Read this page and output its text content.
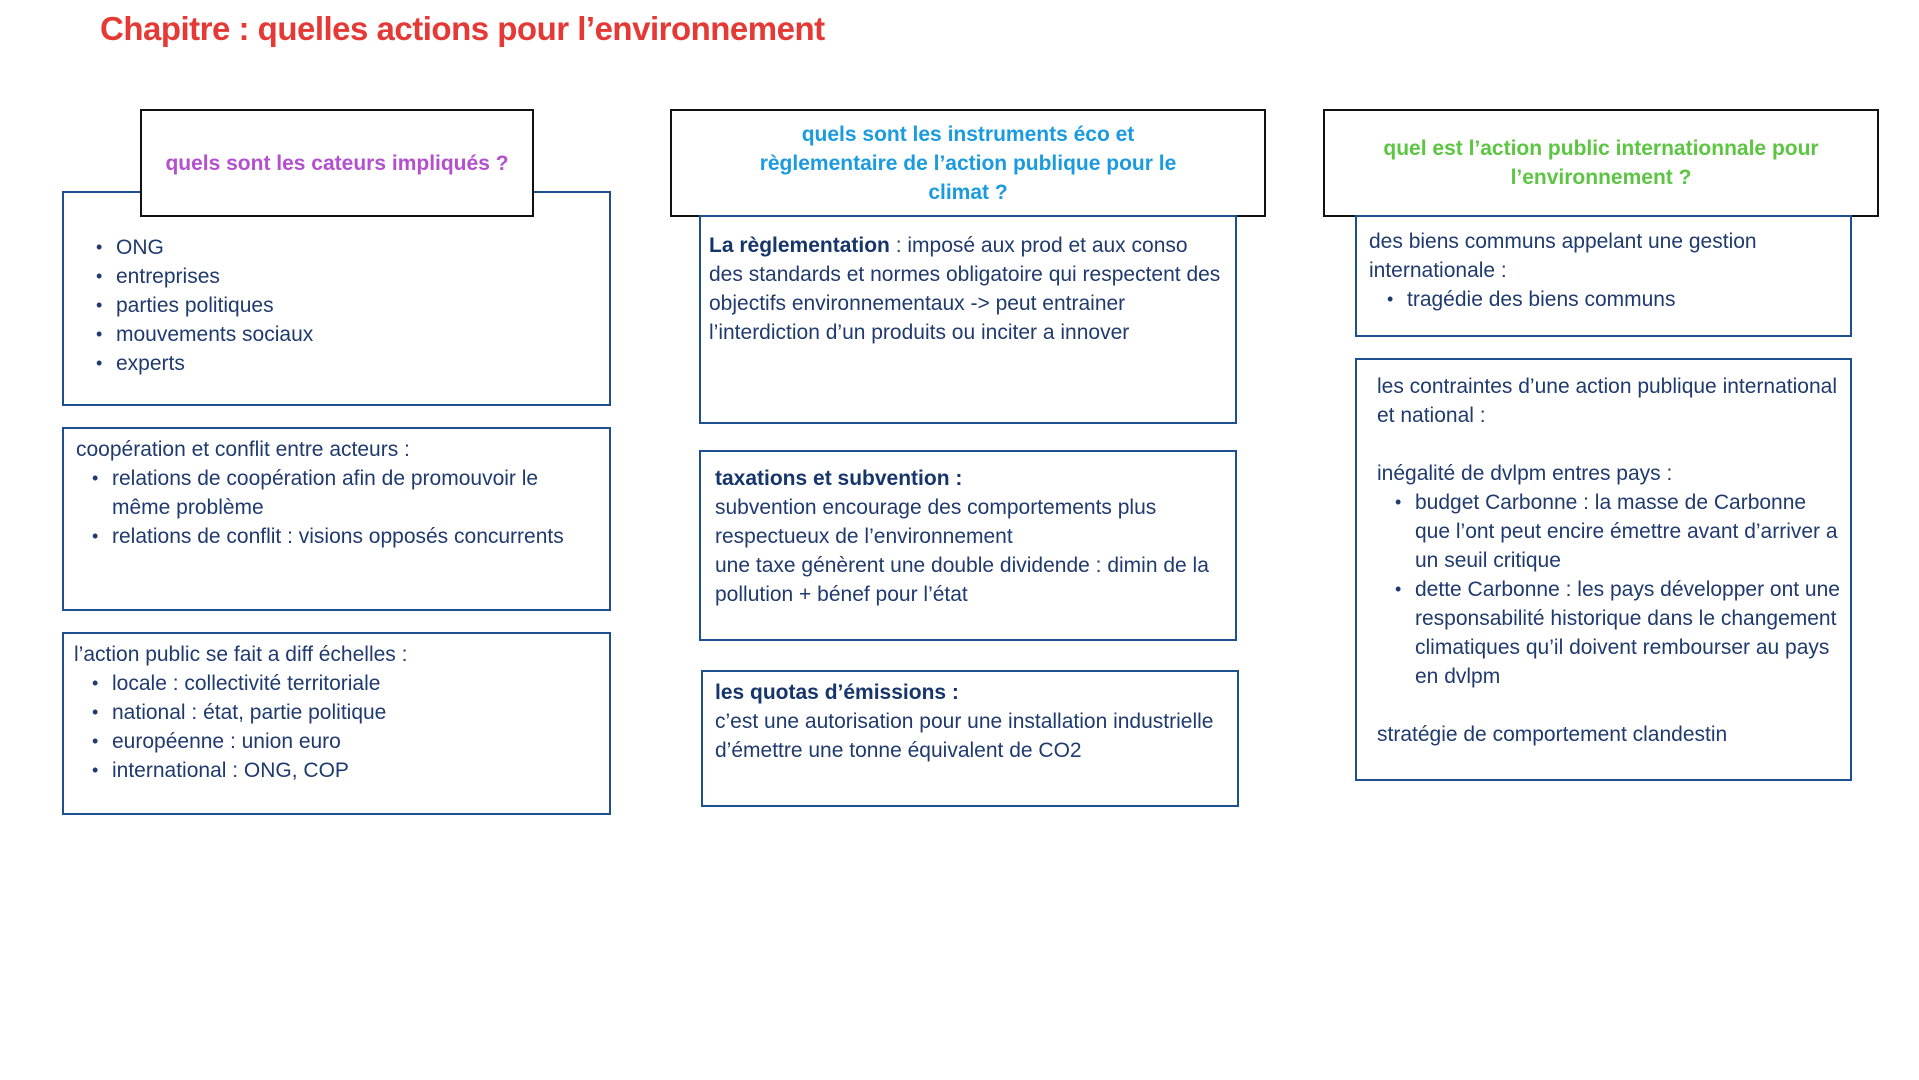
Chapitre : quelles actions pour l’environnement
• ONG
• entreprises
• parties politiques
• mouvements sociaux
• experts
quels sont les cateurs impliqués ?

coopération et conflit entre acteurs :

• relations de coopération afin de promouvoir le même problème
• relations de conflit : visions opposés concurrents

l’action public se fait a diff échelles :

• locale : collectivité territoriale
• national : état, partie politique
• européenne : union euro
• international : ONG, COP
quels sont les instruments éco et règlementaire de l’action publique pour le climat ?

La règlementation : imposé aux prod et aux conso des standards et normes obligatoire qui respectent des objectifs environnementaux -> peut entrainer l’interdiction d’un produits ou inciter a innover

taxations et subvention :

subvention encourage des comportements plus respectueux de l’environnement

une taxe génèrent une double dividende : dimin de la pollution + bénef pour l’état

les quotas d’émissions :

c’est une autorisation pour une installation industrielle d’émettre une tonne équivalent de CO2

quel est l’action public internationnale pour l’environnement ?

des biens communs appelant une gestion internationale :

• tragédie des biens communs

les contraintes d’une action publique international et national :

inégalité de dvlpm entres pays :

• budget Carbonne : la masse de Carbonne que l’ont peut encire émettre avant d’arriver a un seuil critique
• dette Carbonne : les pays développer ont une responsabilité historique dans le changement climatiques qu’il doivent rembourser au pays en dvlpm

stratégie de comportement clandestin
